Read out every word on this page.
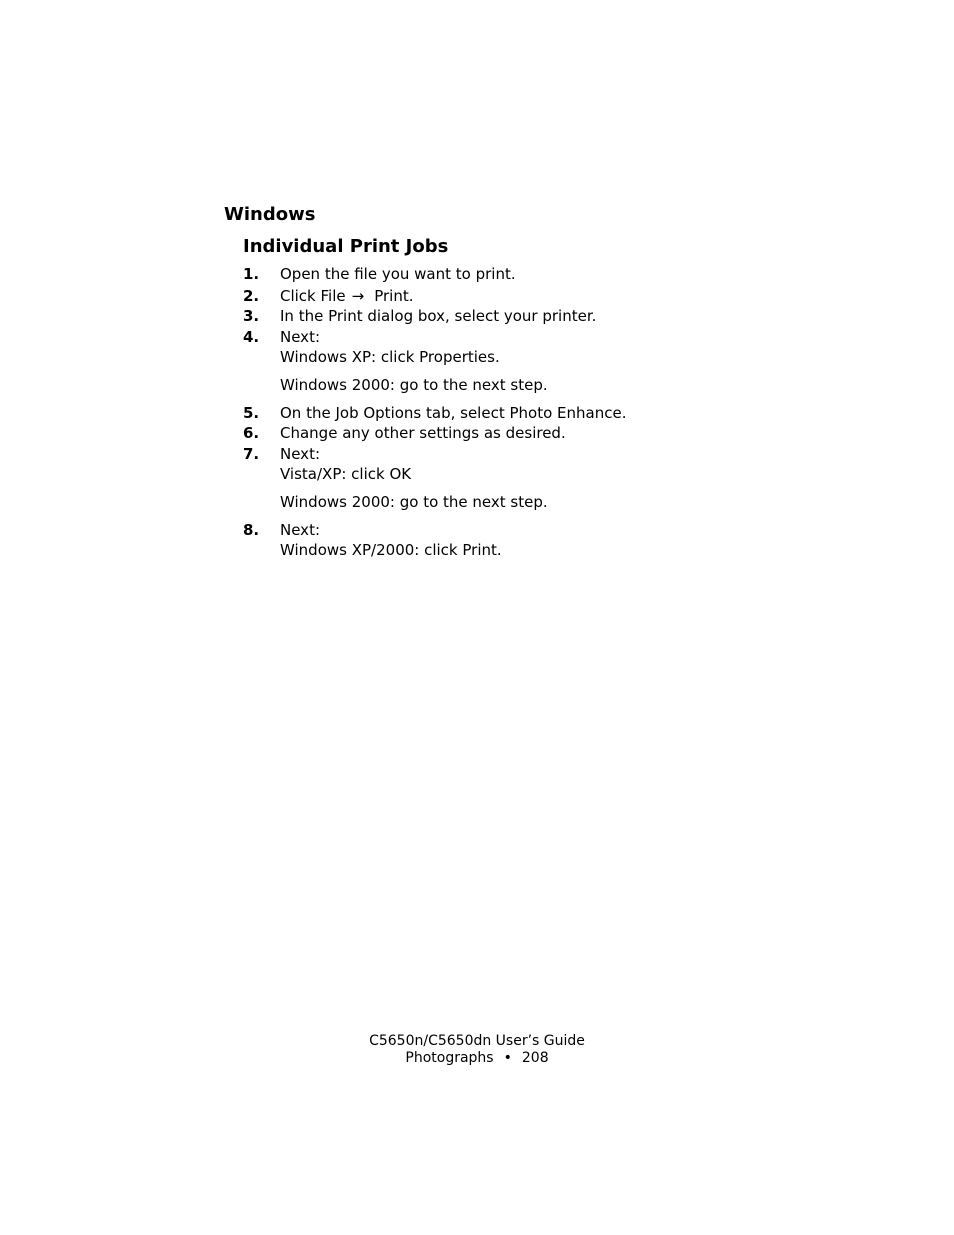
Windows
Individual Print Jobs
1. Open the file you want to print.
2. Click File → Print.
3. In the Print dialog box, select your printer.
4. Next:
Windows XP: click Properties.
Windows 2000: go to the next step.
5. On the Job Options tab, select Photo Enhance.
6. Change any other settings as desired.
7. Next:
Vista/XP: click OK
Windows 2000: go to the next step.
8. Next:
Windows XP/2000: click Print.
C5650n/C5650dn User’s Guide
Photographs • 208
